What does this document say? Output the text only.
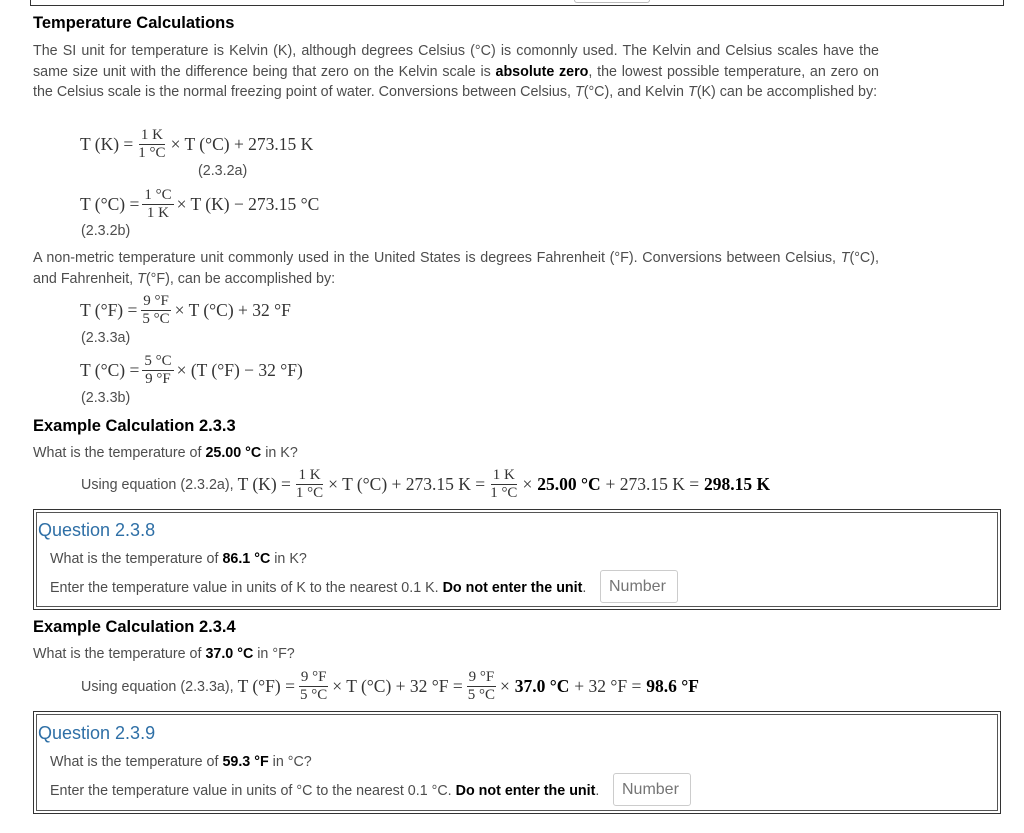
Temperature Calculations

The SI unit for temperature is Kelvin (K), although degrees Celsius (°C) is comonnly used. The Kelvin and Celsius scales have the same size unit with the difference being that zero on the Kelvin scale is absolute zero, the lowest possible temperature, an zero on the Celsius scale is the normal freezing point of water. Conversions between Celsius, T(°C), and Kelvin T(K) can be accomplished by:

T $(K) = \frac{1 K}{1 ^\circ C} \times T$ (°C) + 273.15 K
(2.3.2a)
T $(^\circ C) = \frac{1 ^\circ C}{1 K} \times T$ (K) − 273.15 °C
(2.3.2b)

A non-metric temperature unit commonly used in the United States is degrees Fahrenheit (°F). Conversions between Celsius, T(°C), and Fahrenheit, T(°F), can be accomplished by:

T $(^\circ F) = \frac{9 ^\circ F}{5 ^\circ C} \times T$ (°C) + 32 °F
(2.3.3a)
T $(^\circ C) = \frac{5 ^\circ C}{9 ^\circ F} \times (T$ (°F) − 32 °F)
(2.3.3b)
Example Calculation 2.3.3

What is the temperature of 25.00 °C in K?

Using equation (2.3.2a), T $(K) = \frac{1 K}{1 ^\circ C} \times T$ (°C) + 273.15 $K = \frac{1 K}{1 ^\circ C}$ ×
25.00 °C
+ 273.15 K =
298.15 K
Question 2.3.8

What is the temperature of 86.1 °C in K?

Enter the temperature value in units of K to the nearest 0.1 K. Do not enter the unit.

Number
Example Calculation 2.3.4

What is the temperature of 37.0 °C in °F?

Using equation (2.3.3a), T $(^\circ F) = \frac{9 ^\circ F}{5 ^\circ C} \times T$ (°C) + 32 $^\circ F = \frac{9 ^\circ F}{5 ^\circ C}$ ×
37.0 °C
+ 32 °F =
98.6 °F
Question 2.3.9

What is the temperature of 59.3 °F in °C?

Enter the temperature value in units of °C to the nearest 0.1 °C. Do not enter the unit.

Number
